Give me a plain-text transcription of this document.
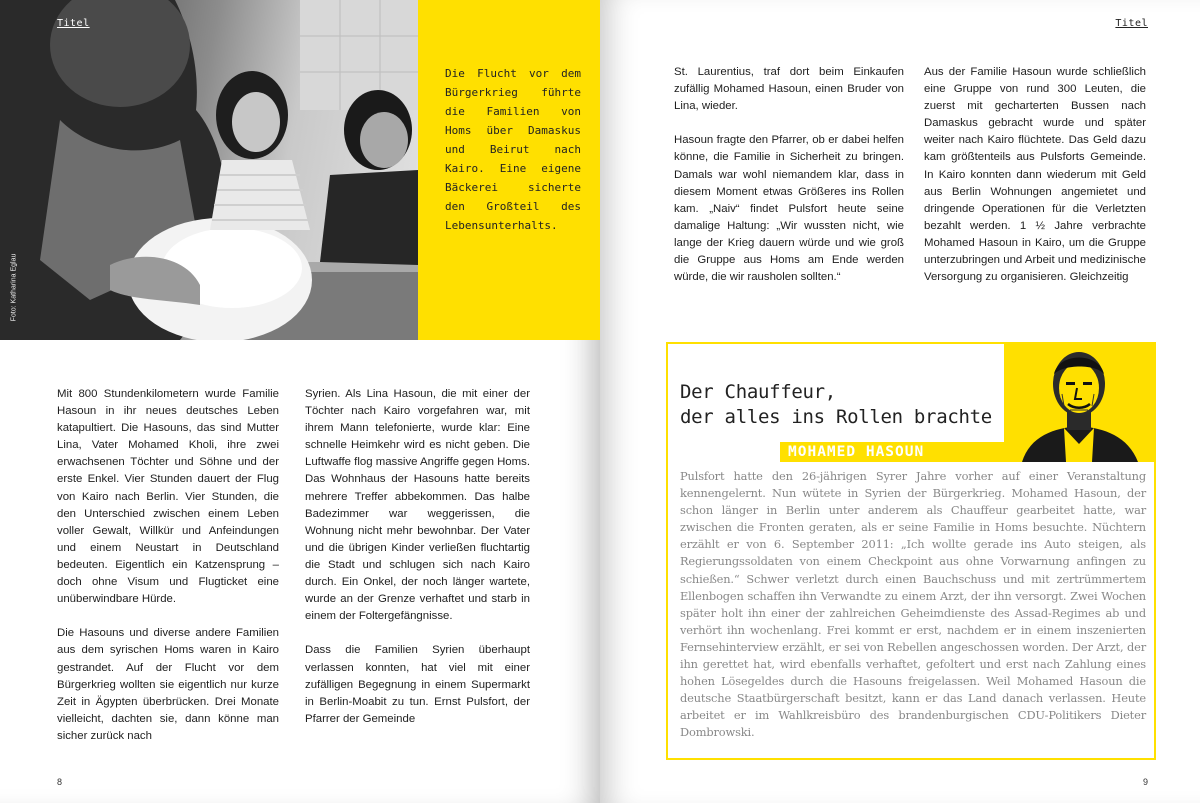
Titel
Foto: Katharina Eglau
Die Flucht vor dem Bürgerkrieg führte die Familien von Homs über Damaskus und Beirut nach Kairo. Eine eigene Bäckerei sicherte den Großteil des Lebensunterhalts.

Mit 800 Stundenkilometern wurde Familie Hasoun in ihr neues deutsches Leben katapultiert. Die Hasouns, das sind Mutter Lina, Vater Mohamed Kholi, ihre zwei erwachsenen Töchter und Söhne und der erste Enkel. Vier Stunden dauert der Flug von Kairo nach Berlin. Vier Stunden, die den Unterschied zwischen einem Leben voller Gewalt, Willkür und Anfeindungen und einem Neustart in Deutschland bedeuten. Eigentlich ein Katzensprung – doch ohne Visum und Flugticket eine unüberwindbare Hürde.

Die Hasouns und diverse andere Familien aus dem syrischen Homs waren in Kairo gestrandet. Auf der Flucht vor dem Bürgerkrieg wollten sie eigentlich nur kurze Zeit in Ägypten überbrücken. Drei Monate vielleicht, dachten sie, dann könne man sicher zurück nach

Syrien. Als Lina Hasoun, die mit einer der Töchter nach Kairo vorgefahren war, mit ihrem Mann telefonierte, wurde klar: Eine schnelle Heimkehr wird es nicht geben. Die Luftwaffe flog massive Angriffe gegen Homs. Das Wohnhaus der Hasouns hatte bereits mehrere Treffer abbekommen. Das halbe Badezimmer war weggerissen, die Wohnung nicht mehr bewohnbar. Der Vater und die übrigen Kinder verließen fluchtartig die Stadt und schlugen sich nach Kairo durch. Ein Onkel, der noch länger wartete, wurde an der Grenze verhaftet und starb in einem der Foltergefängnisse.

Dass die Familien Syrien überhaupt verlassen konnten, hat viel mit einer zufälligen Begegnung in einem Supermarkt in Berlin-Moabit zu tun. Ernst Pulsfort, der Pfarrer der Gemeinde

8
Titel

St. Laurentius, traf dort beim Einkaufen zufällig Mohamed Hasoun, einen Bruder von Lina, wieder.

Hasoun fragte den Pfarrer, ob er dabei helfen könne, die Familie in Sicherheit zu bringen. Damals war wohl niemandem klar, dass in diesem Moment etwas Größeres ins Rollen kam. „Naiv“ findet Pulsfort heute seine damalige Haltung: „Wir wussten nicht, wie lange der Krieg dauern würde und wie groß die Gruppe aus Homs am Ende werden würde, die wir rausholen sollten.“

Aus der Familie Hasoun wurde schließlich eine Gruppe von rund 300 Leuten, die zuerst mit gecharterten Bussen nach Damaskus gebracht wurde und später weiter nach Kairo flüchtete. Das Geld dazu kam größtenteils aus Pulsforts Gemeinde. In Kairo konnten dann wiederum mit Geld aus Berlin Wohnungen angemietet und dringende Operationen für die Verletzten bezahlt werden. 1 ½ Jahre verbrachte Mohamed Hasoun in Kairo, um die Gruppe unterzubringen und Arbeit und medizinische Versorgung zu organisieren. Gleichzeitig

Der Chauffeur,
der alles ins Rollen brachte
MOHAMED HASOUN
Pulsfort hatte den 26-jährigen Syrer Jahre vorher auf einer Veranstaltung kennengelernt. Nun wütete in Syrien der Bürgerkrieg. Mohamed Hasoun, der schon länger in Berlin unter anderem als Chauffeur gearbeitet hatte, war zwischen die Fronten geraten, als er seine Familie in Homs besuchte. Nüchtern erzählt er von 6. September 2011: „Ich wollte gerade ins Auto steigen, als Regierungssoldaten von einem Checkpoint aus ohne Vorwarnung anfingen zu schießen.“ Schwer verletzt durch einen Bauchschuss und mit zertrümmertem Ellenbogen schaffen ihn Verwandte zu einem Arzt, der ihn versorgt. Zwei Wochen später holt ihn einer der zahlreichen Geheimdienste des Assad-Regimes ab und verhört ihn wochenlang. Frei kommt er erst, nachdem er in einem inszenierten Fernsehinterview erzählt, er sei von Rebellen angeschossen worden. Der Arzt, der ihn gerettet hat, wird ebenfalls verhaftet, gefoltert und erst nach Zahlung eines hohen Lösegeldes durch die Hasouns freigelassen. Weil Mohamed Hasoun die deutsche Staatbürgerschaft besitzt, kann er das Land danach verlassen. Heute arbeitet er im Wahlkreisbüro des brandenburgischen CDU-Politikers Dieter Dombrowski.
9
